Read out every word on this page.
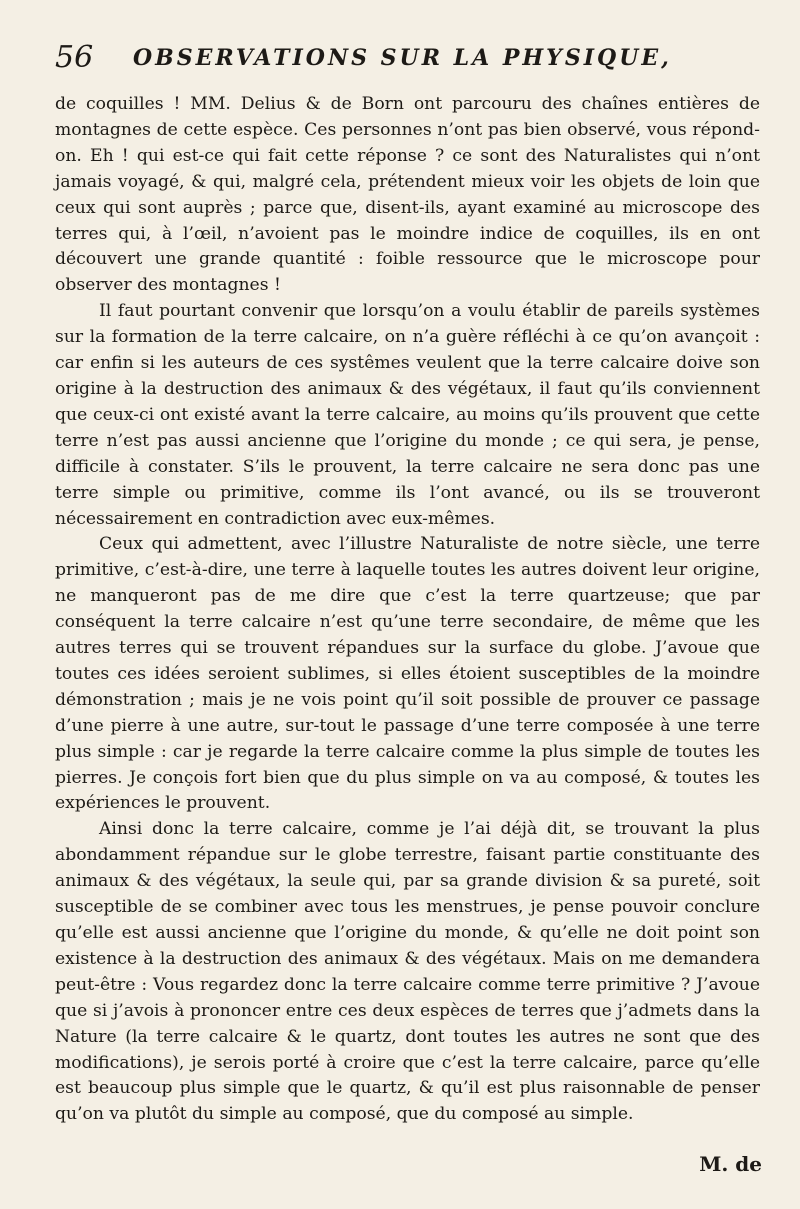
56 OBSERVATIONS SUR LA PHYSIQUE,

de coquilles ! MM. Delius & de Born ont parcouru des chaînes entières de montagnes de cette espèce. Ces personnes n’ont pas bien observé, vous répond-on. Eh ! qui est-ce qui fait cette réponse ? ce sont des Naturalistes qui n’ont jamais voyagé, & qui, malgré cela, prétendent mieux voir les objets de loin que ceux qui sont auprès ; parce que, disent-ils, ayant examiné au microscope des terres qui, à l’œil, n’avoient pas le moindre indice de coquilles, ils en ont découvert une grande quantité : foible ressource que le microscope pour observer des montagnes !

Il faut pourtant convenir que lorsqu’on a voulu établir de pareils systèmes sur la formation de la terre calcaire, on n’a guère réfléchi à ce qu’on avançoit : car enfin si les auteurs de ces systêmes veulent que la terre calcaire doive son origine à la destruction des animaux & des végétaux, il faut qu’ils conviennent que ceux-ci ont existé avant la terre calcaire, au moins qu’ils prouvent que cette terre n’est pas aussi ancienne que l’origine du monde ; ce qui sera, je pense, difficile à constater. S’ils le prouvent, la terre calcaire ne sera donc pas une terre simple ou primitive, comme ils l’ont avancé, ou ils se trouveront nécessairement en contradiction avec eux-mêmes.

Ceux qui admettent, avec l’illustre Naturaliste de notre siècle, une terre primitive, c’est-à-dire, une terre à laquelle toutes les autres doivent leur origine, ne manqueront pas de me dire que c’est la terre quartzeuse; que par conséquent la terre calcaire n’est qu’une terre secondaire, de même que les autres terres qui se trouvent répandues sur la surface du globe. J’avoue que toutes ces idées seroient sublimes, si elles étoient susceptibles de la moindre démonstration ; mais je ne vois point qu’il soit possible de prouver ce passage d’une pierre à une autre, sur-tout le passage d’une terre composée à une terre plus simple : car je regarde la terre calcaire comme la plus simple de toutes les pierres. Je conçois fort bien que du plus simple on va au composé, & toutes les expériences le prouvent.

Ainsi donc la terre calcaire, comme je l’ai déjà dit, se trouvant la plus abondamment répandue sur le globe terrestre, faisant partie constituante des animaux & des végétaux, la seule qui, par sa grande division & sa pureté, soit susceptible de se combiner avec tous les menstrues, je pense pouvoir conclure qu’elle est aussi ancienne que l’origine du monde, & qu’elle ne doit point son existence à la destruction des animaux & des végétaux. Mais on me demandera peut-être : Vous regardez donc la terre calcaire comme terre primitive ? J’avoue que si j’avois à prononcer entre ces deux espèces de terres que j’admets dans la Nature (la terre calcaire & le quartz, dont toutes les autres ne sont que des modifications), je serois porté à croire que c’est la terre calcaire, parce qu’elle est beaucoup plus simple que le quartz, & qu’il est plus raisonnable de penser qu’on va plutôt du simple au composé, que du composé au simple.

M. de
